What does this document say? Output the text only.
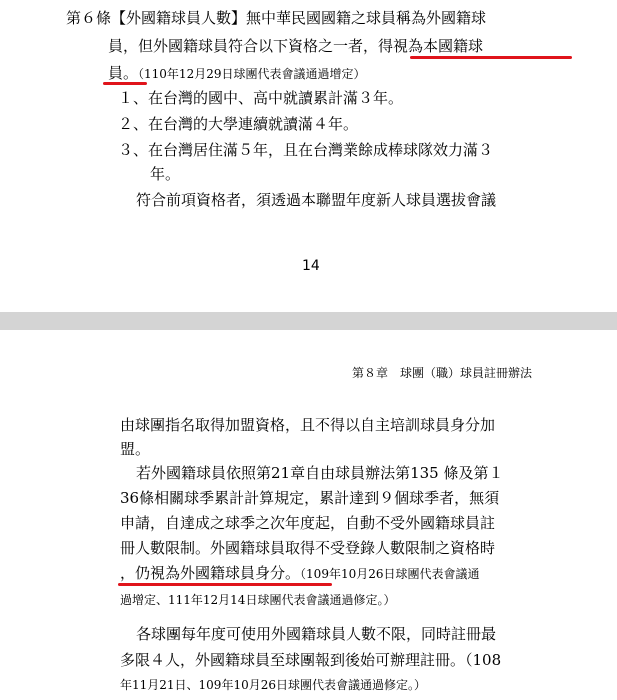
第６條【外國籍球員人數】無中華民國國籍之球員稱為外國籍球
員，但外國籍球員符合以下資格之一者，得視為本國籍球
員。（110年12月29日球團代表會議通過增定）
１、在台灣的國中、高中就讀累計滿３年。
２、在台灣的大學連續就讀滿４年。
３、在台灣居住滿５年，且在台灣業餘成棒球隊效力滿３
年。
符合前項資格者，須透過本聯盟年度新人球員選拔會議
14
第８章　球團（職）球員註冊辦法
由球團指名取得加盟資格，且不得以自主培訓球員身分加
盟。
若外國籍球員依照第21章自由球員辦法第135 條及第１
36條相關球季累計計算規定，累計達到９個球季者，無須
申請，自達成之球季之次年度起，自動不受外國籍球員註
冊人數限制。外國籍球員取得不受登錄人數限制之資格時
，仍視為外國籍球員身分。（109年10月26日球團代表會議通
過增定、111年12月14日球團代表會議通過修定。）
各球團每年度可使用外國籍球員人數不限，同時註冊最
多限４人，外國籍球員至球團報到後始可辦理註冊。（108
年11月21日、109年10月26日球團代表會議通過修定。）
